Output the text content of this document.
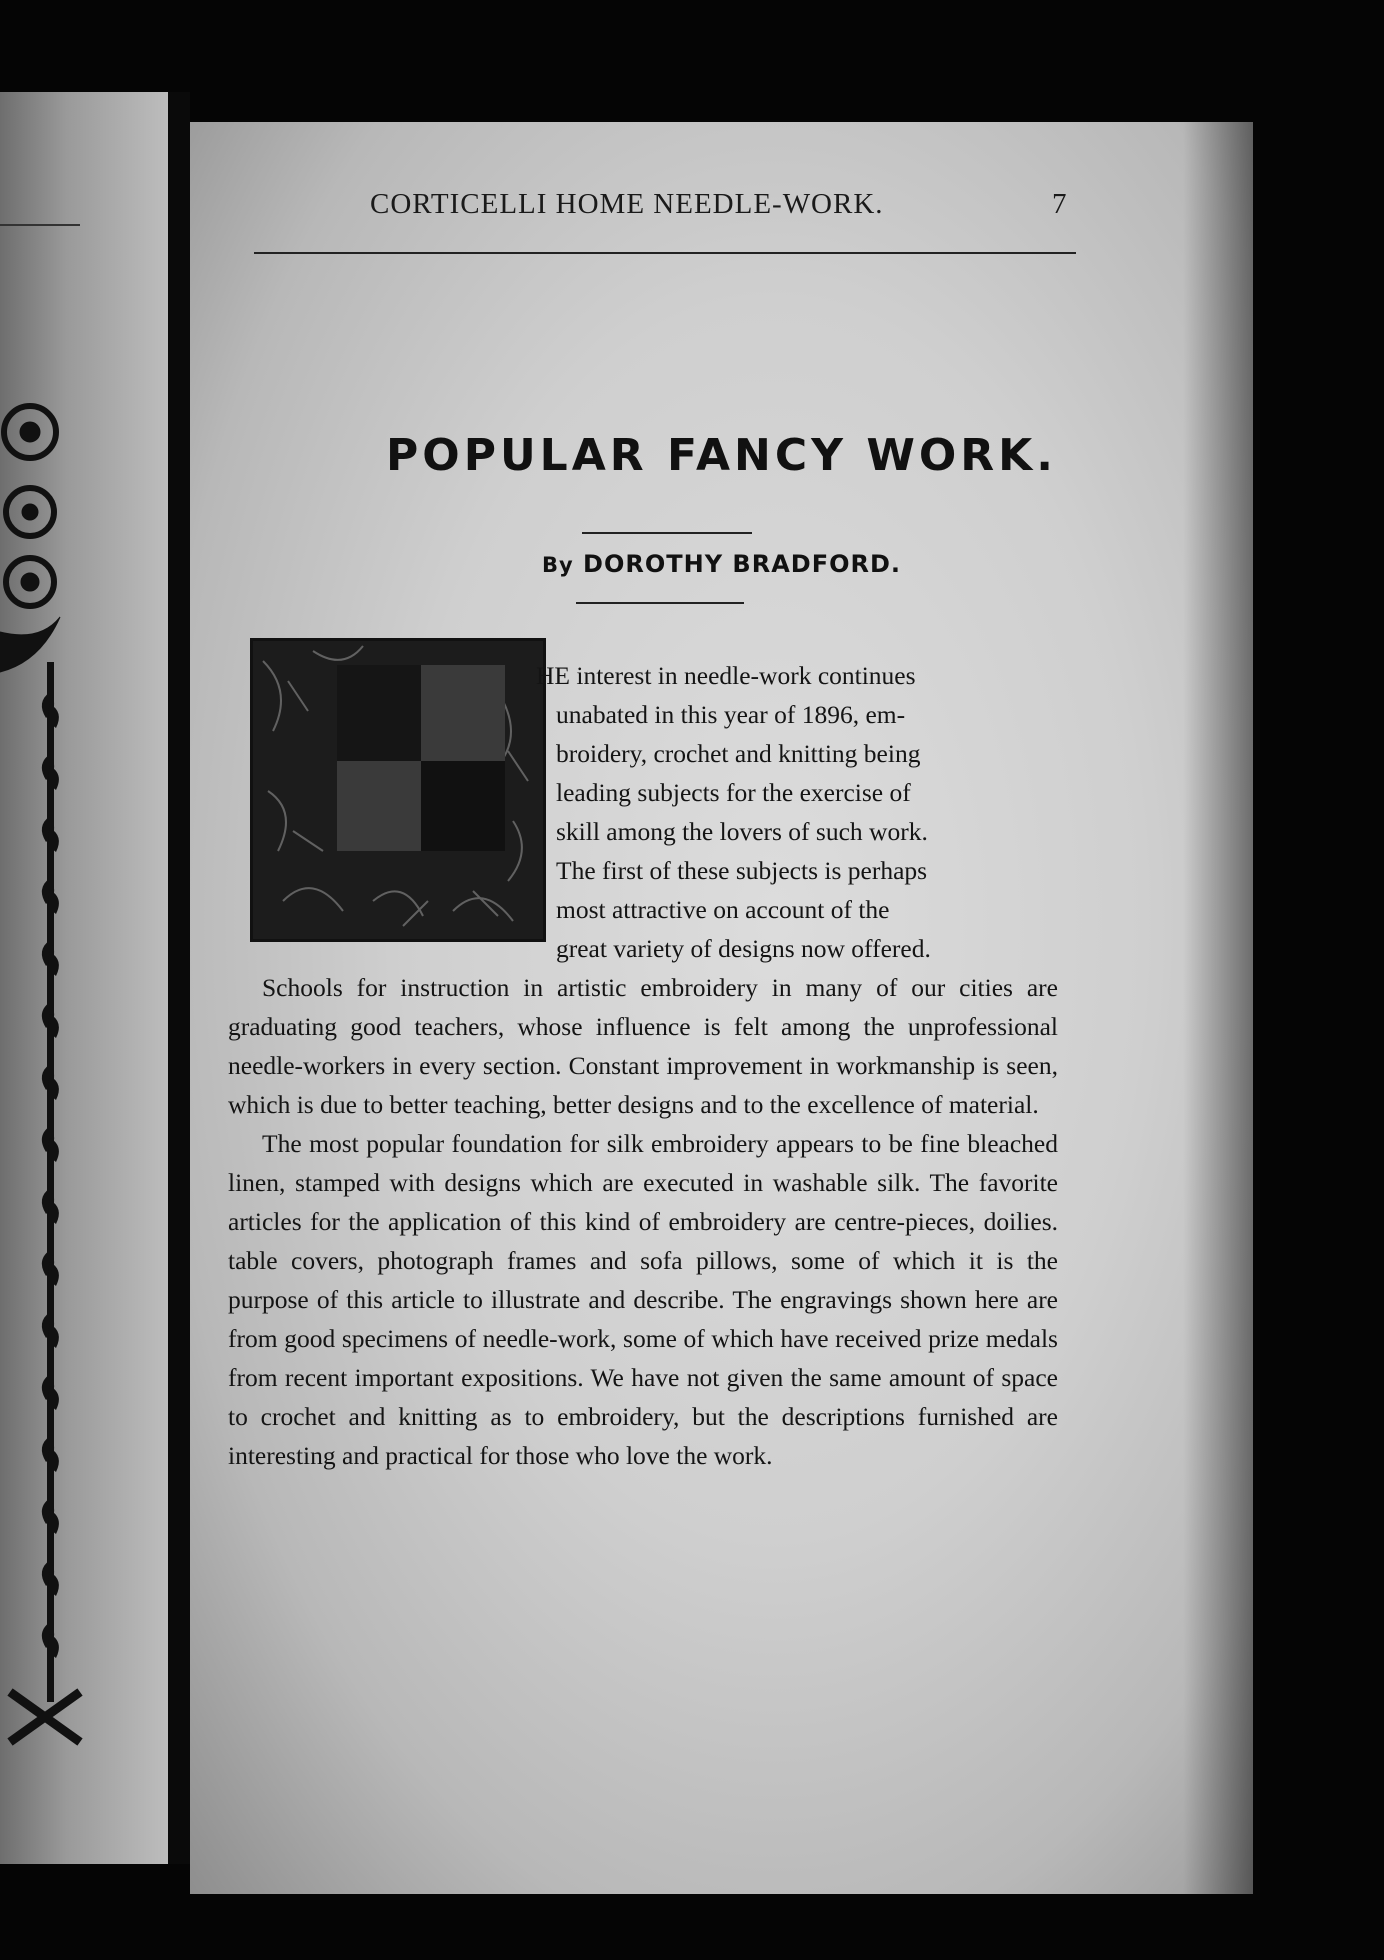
CORTICELLI HOME NEEDLE-WORK.	7
POPULAR FANCY WORK.
By DOROTHY BRADFORD.
HE interest in needle-work continues
unabated in this year of 1896, em-
broidery, crochet and knitting being
leading subjects for the exercise of
skill among the lovers of such work.
The first of these subjects is perhaps
most attractive on account of the
great variety of designs now offered.

Schools for instruction in artistic embroidery in many of our cities are graduating good teachers, whose influence is felt among the unprofessional needle-workers in every section. Constant improvement in workmanship is seen, which is due to better teaching, better designs and to the excellence of material.

The most popular foundation for silk embroidery appears to be fine bleached linen, stamped with designs which are executed in washable silk. The favorite articles for the application of this kind of embroidery are centre-pieces, doilies. table covers, photograph frames and sofa pillows, some of which it is the purpose of this article to illustrate and describe. The engravings shown here are from good specimens of needle-work, some of which have received prize medals from recent important expositions. We have not given the same amount of space to crochet and knitting as to embroidery, but the descriptions furnished are interesting and practical for those who love the work.
